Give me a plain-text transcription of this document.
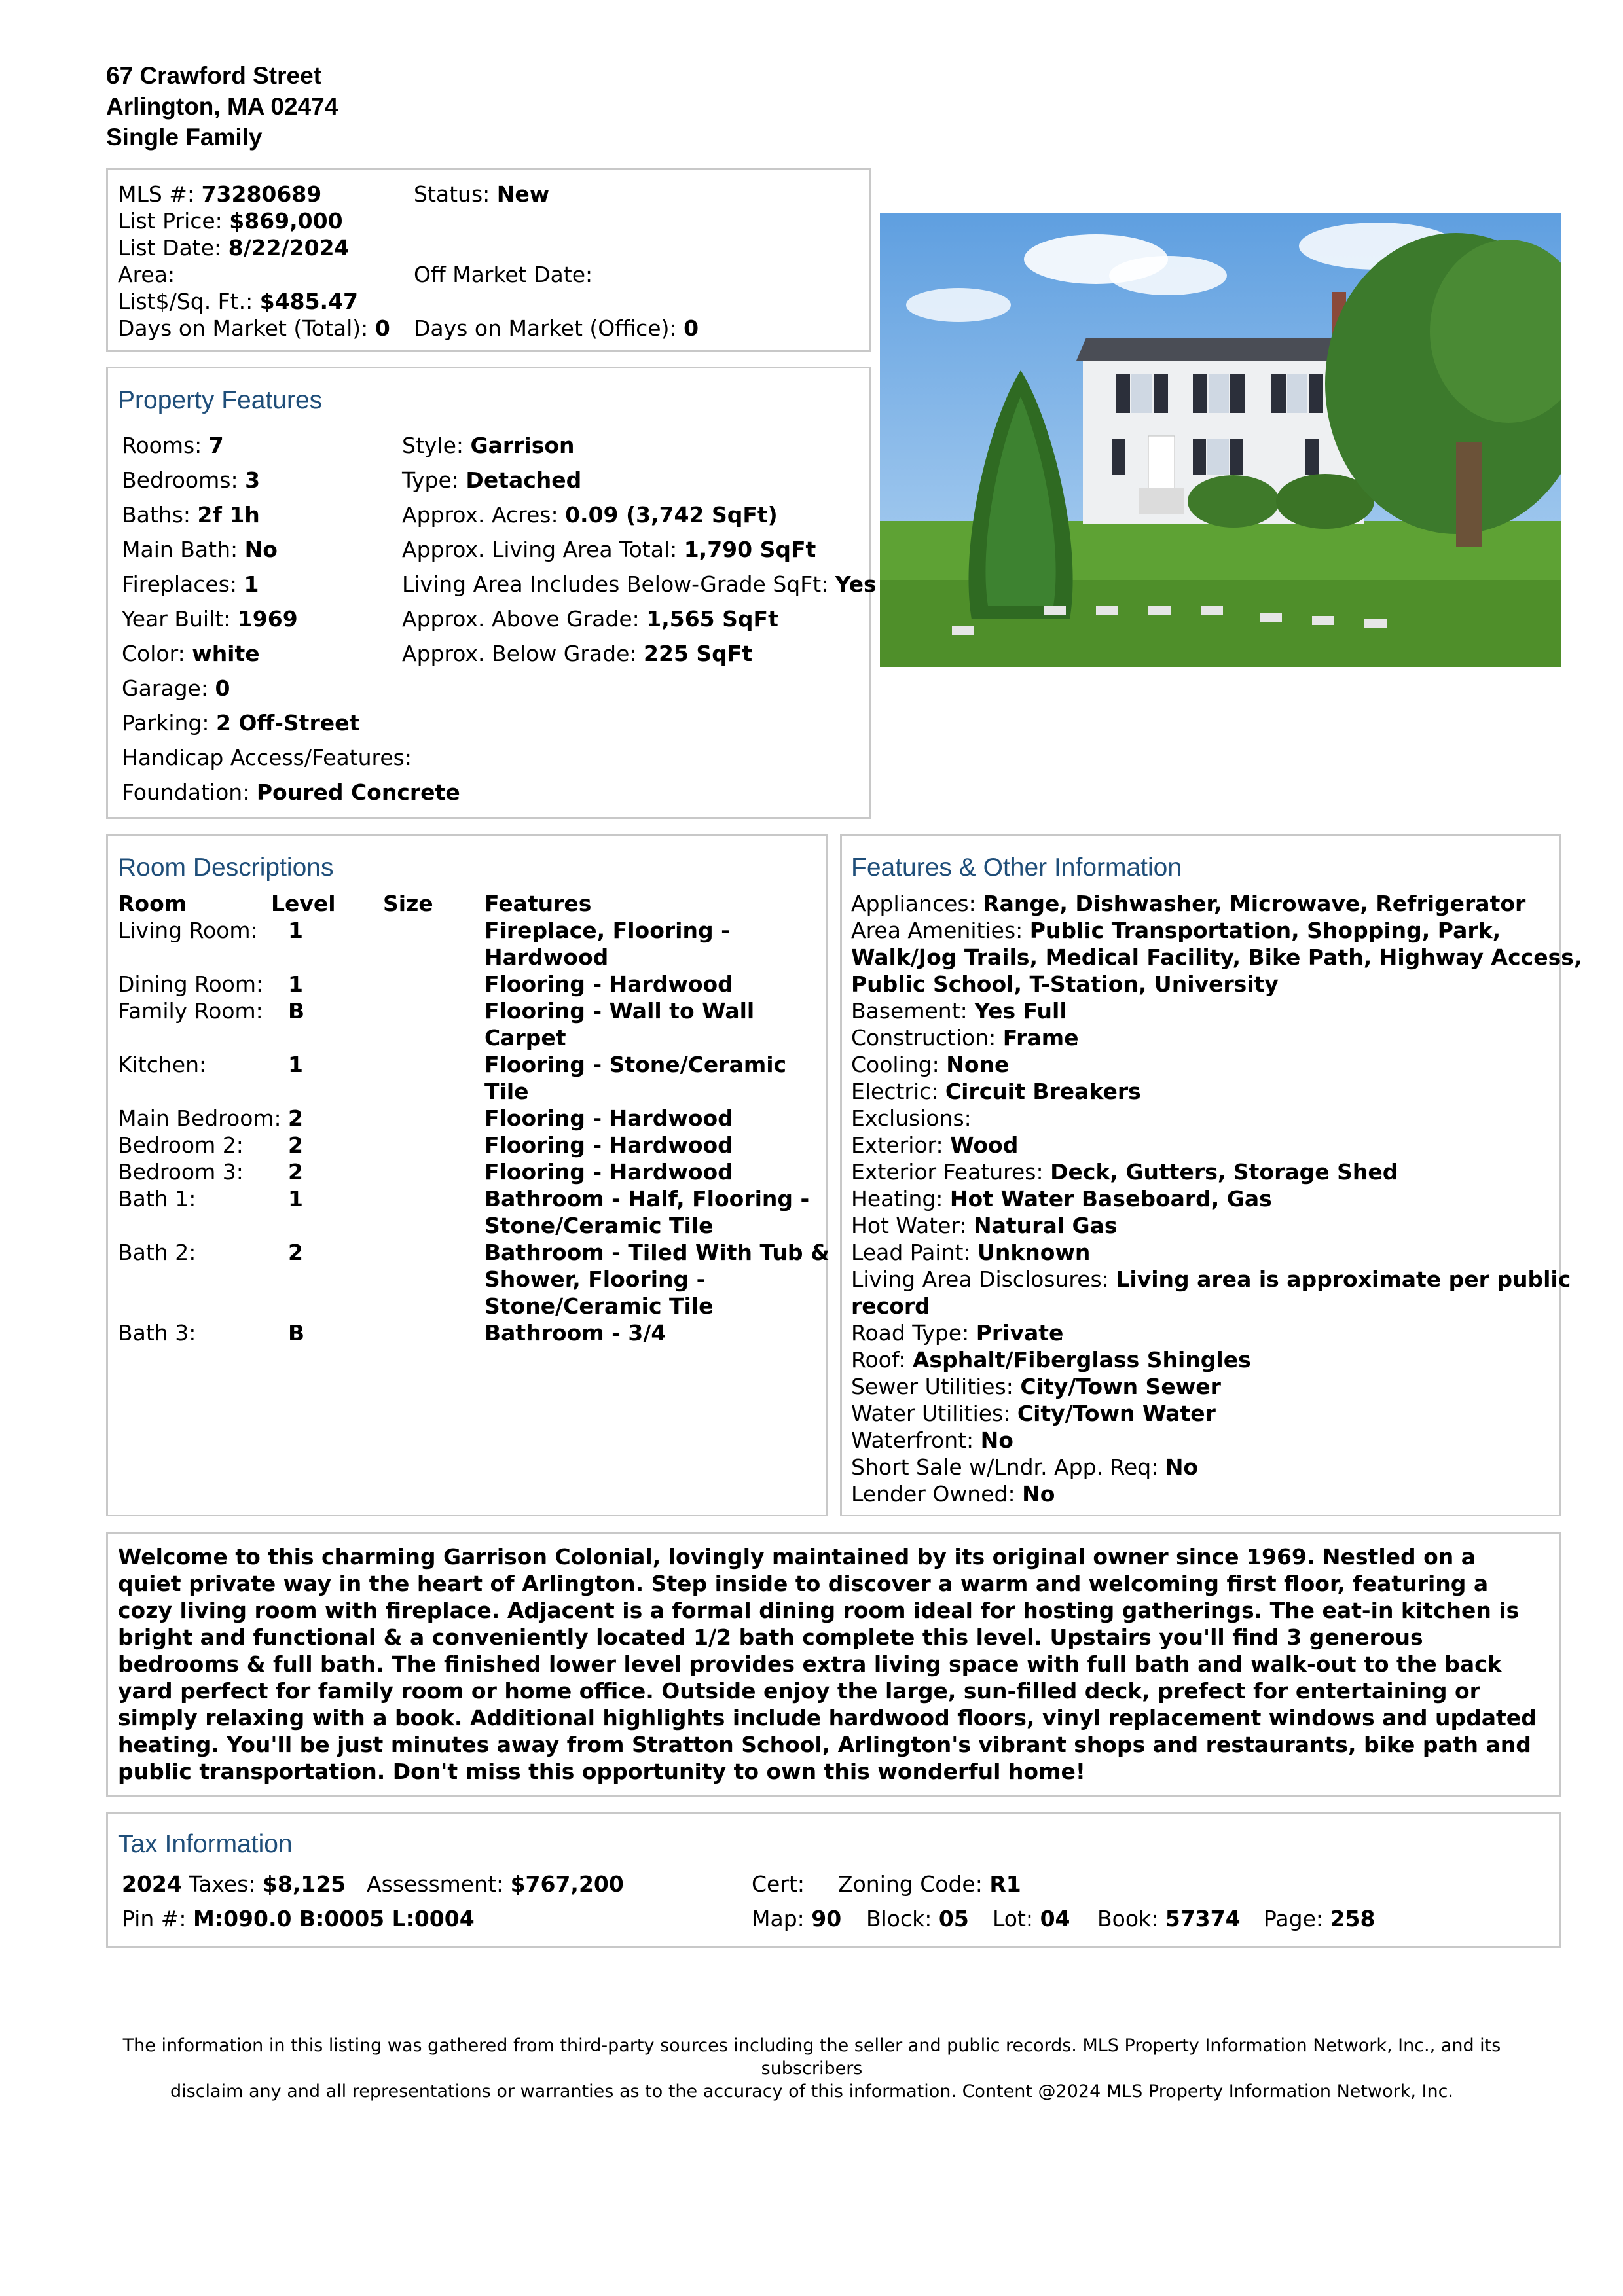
67 Crawford Street
Arlington, MA 02474
Single Family
MLS #: 73280689	Status: New
List Price: $869,000
List Date: 8/22/2024
Area:	Off Market Date:
List$/Sq. Ft.: $485.47
Days on Market (Total): 0 Days on Market (Office): 0
Property Features
Rooms: 7
Bedrooms: 3
Baths: 2f 1h
Main Bath: No
Fireplaces: 1
Year Built: 1969
Color: white
Garage: 0
Parking: 2 Off-Street
Handicap Access/Features:
Foundation: Poured Concrete
Style: Garrison
Type: Detached
Approx. Acres: 0.09 (3,742 SqFt)
Approx. Living Area Total: 1,790 SqFt
Living Area Includes Below-Grade SqFt: Yes
Approx. Above Grade: 1,565 SqFt
Approx. Below Grade: 225 SqFt
Room Descriptions
Room	Level Size Features
Living Room: 1	Fireplace, Flooring -
Hardwood
Dining Room: 1	Flooring - Hardwood
Family Room: B	Flooring - Wall to Wall
Carpet
Kitchen:	1	Flooring - Stone/Ceramic
Tile
Main Bedroom: 2	Flooring - Hardwood
Bedroom 2: 2	Flooring - Hardwood
Bedroom 3: 2	Flooring - Hardwood
Bath 1:	1	Bathroom - Half, Flooring -
Stone/Ceramic Tile
Bath 2:	2	Bathroom - Tiled With Tub &
Shower, Flooring -
Stone/Ceramic Tile
Bath 3:	B	Bathroom - 3/4
Features & Other Information
Appliances: Range, Dishwasher, Microwave, Refrigerator
Area Amenities: Public Transportation, Shopping, Park,
Walk/Jog Trails, Medical Facility, Bike Path, Highway Access,
Public School, T-Station, University
Basement: Yes Full
Construction: Frame
Cooling: None
Electric: Circuit Breakers
Exclusions:
Exterior: Wood
Exterior Features: Deck, Gutters, Storage Shed
Heating: Hot Water Baseboard, Gas
Hot Water: Natural Gas
Lead Paint: Unknown
Living Area Disclosures: Living area is approximate per public
record
Road Type: Private
Roof: Asphalt/Fiberglass Shingles
Sewer Utilities: City/Town Sewer
Water Utilities: City/Town Water
Waterfront: No
Short Sale w/Lndr. App. Req: No
Lender Owned: No
Welcome to this charming Garrison Colonial, lovingly maintained by its original owner since 1969. Nestled on a quiet private way in the heart of Arlington. Step inside to discover a warm and welcoming first floor, featuring a cozy living room with fireplace. Adjacent is a formal dining room ideal for hosting gatherings. The eat-in kitchen is bright and functional & a conveniently located 1/2 bath complete this level. Upstairs you'll find 3 generous bedrooms & full bath. The finished lower level provides extra living space with full bath and walk-out to the back yard perfect for family room or home office. Outside enjoy the large, sun-filled deck, prefect for entertaining or simply relaxing with a book. Additional highlights include hardwood floors, vinyl replacement windows and updated heating. You'll be just minutes away from Stratton School, Arlington's vibrant shops and restaurants, bike path and public transportation. Don't miss this opportunity to own this wonderful home!
Tax Information
2024 Taxes: $8,125 Assessment: $767,200	Cert: Zoning Code: R1
Pin #: M:090.0 B:0005 L:0004	Map: 90 Block: 05 Lot: 04 Book: 57374 Page: 258
The information in this listing was gathered from third-party sources including the seller and public records. MLS Property Information Network, Inc., and its subscribers
disclaim any and all representations or warranties as to the accuracy of this information. Content @2024 MLS Property Information Network, Inc.
